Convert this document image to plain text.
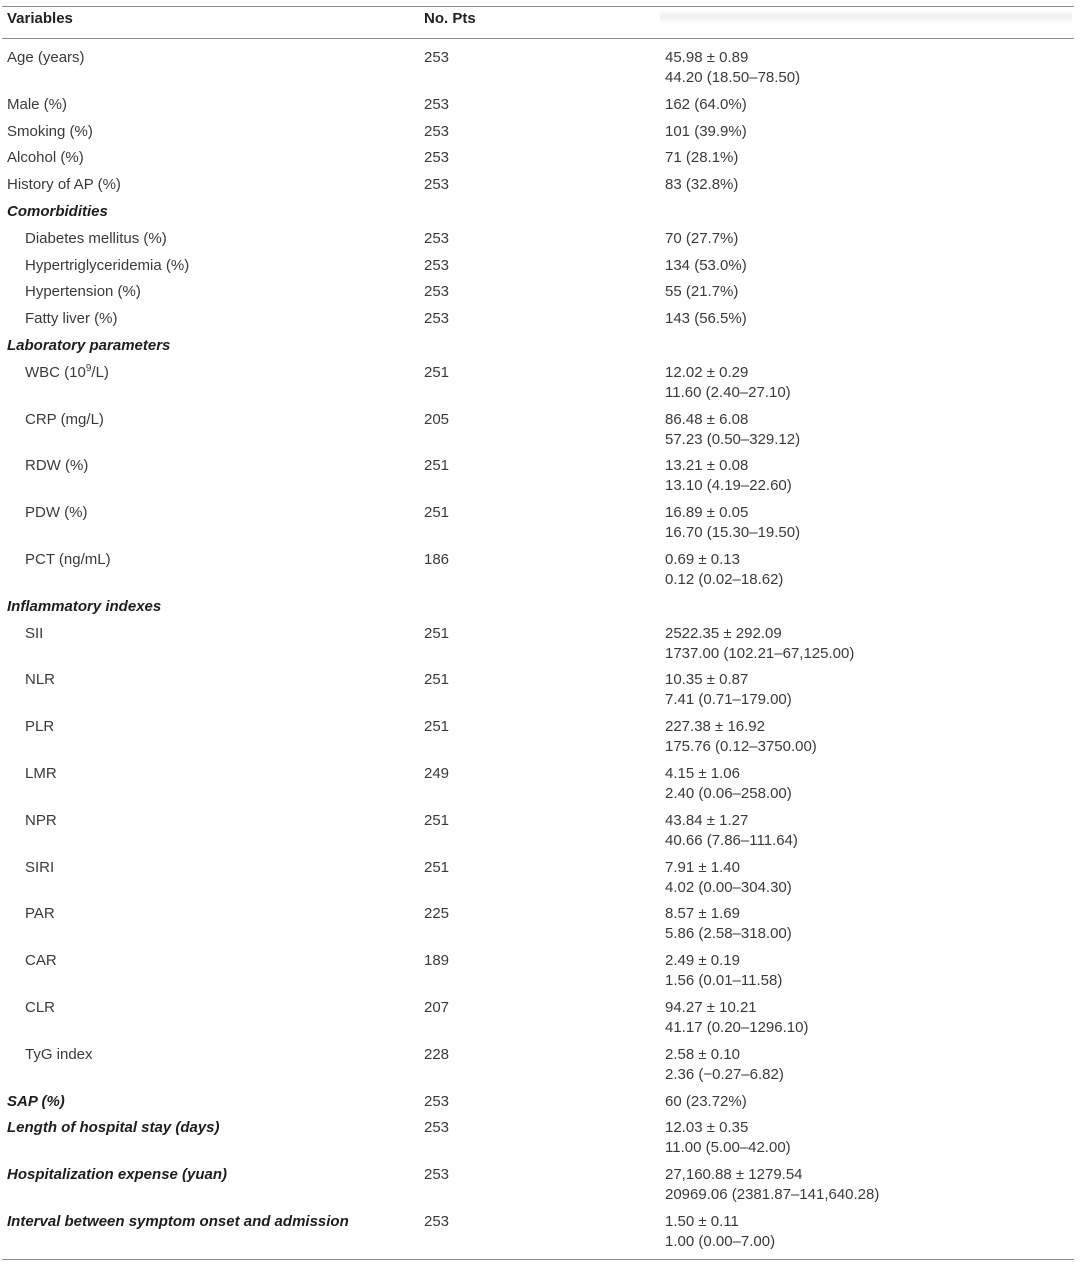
Variables	No. Pts
Age (years)	253	45.98 ± 0.89
44.20 (18.50–78.50)
Male (%)	253	162 (64.0%)
Smoking (%)	253	101 (39.9%)
Alcohol (%)	253	71 (28.1%)
History of AP (%)	253	83 (32.8%)
Comorbidities
Diabetes mellitus (%)	253	70 (27.7%)
Hypertriglyceridemia (%)	253	134 (53.0%)
Hypertension (%)	253	55 (21.7%)
Fatty liver (%)	253	143 (56.5%)
Laboratory parameters
WBC $(10^9/L)$	251	12.02 ± 0.29
11.60 (2.40–27.10)
CRP (mg/L)	205	86.48 ± 6.08
57.23 (0.50–329.12)
RDW (%)	251	13.21 ± 0.08
13.10 (4.19–22.60)
PDW (%)	251	16.89 ± 0.05
16.70 (15.30–19.50)
PCT (ng/mL)	186	0.69 ± 0.13
0.12 (0.02–18.62)
Inflammatory indexes
SII	251	2522.35 ± 292.09
1737.00 (102.21–67,125.00)
NLR	251	10.35 ± 0.87
7.41 (0.71–179.00)
PLR	251	227.38 ± 16.92
175.76 (0.12–3750.00)
LMR	249	4.15 ± 1.06
2.40 (0.06–258.00)
NPR	251	43.84 ± 1.27
40.66 (7.86–111.64)
SIRI	251	7.91 ± 1.40
4.02 (0.00–304.30)
PAR	225	8.57 ± 1.69
5.86 (2.58–318.00)
CAR	189	2.49 ± 0.19
1.56 (0.01–11.58)
CLR	207	94.27 ± 10.21
41.17 (0.20–1296.10)
TyG index	228	2.58 ± 0.10
2.36 (−0.27–6.82)
SAP (%)	253	60 (23.72%)
Length of hospital stay (days)	253	12.03 ± 0.35
11.00 (5.00–42.00)
Hospitalization expense (yuan)	253	27,160.88 ± 1279.54
20969.06 (2381.87–141,640.28)
Interval between symptom onset and admission	253	1.50 ± 0.11
1.00 (0.00–7.00)
